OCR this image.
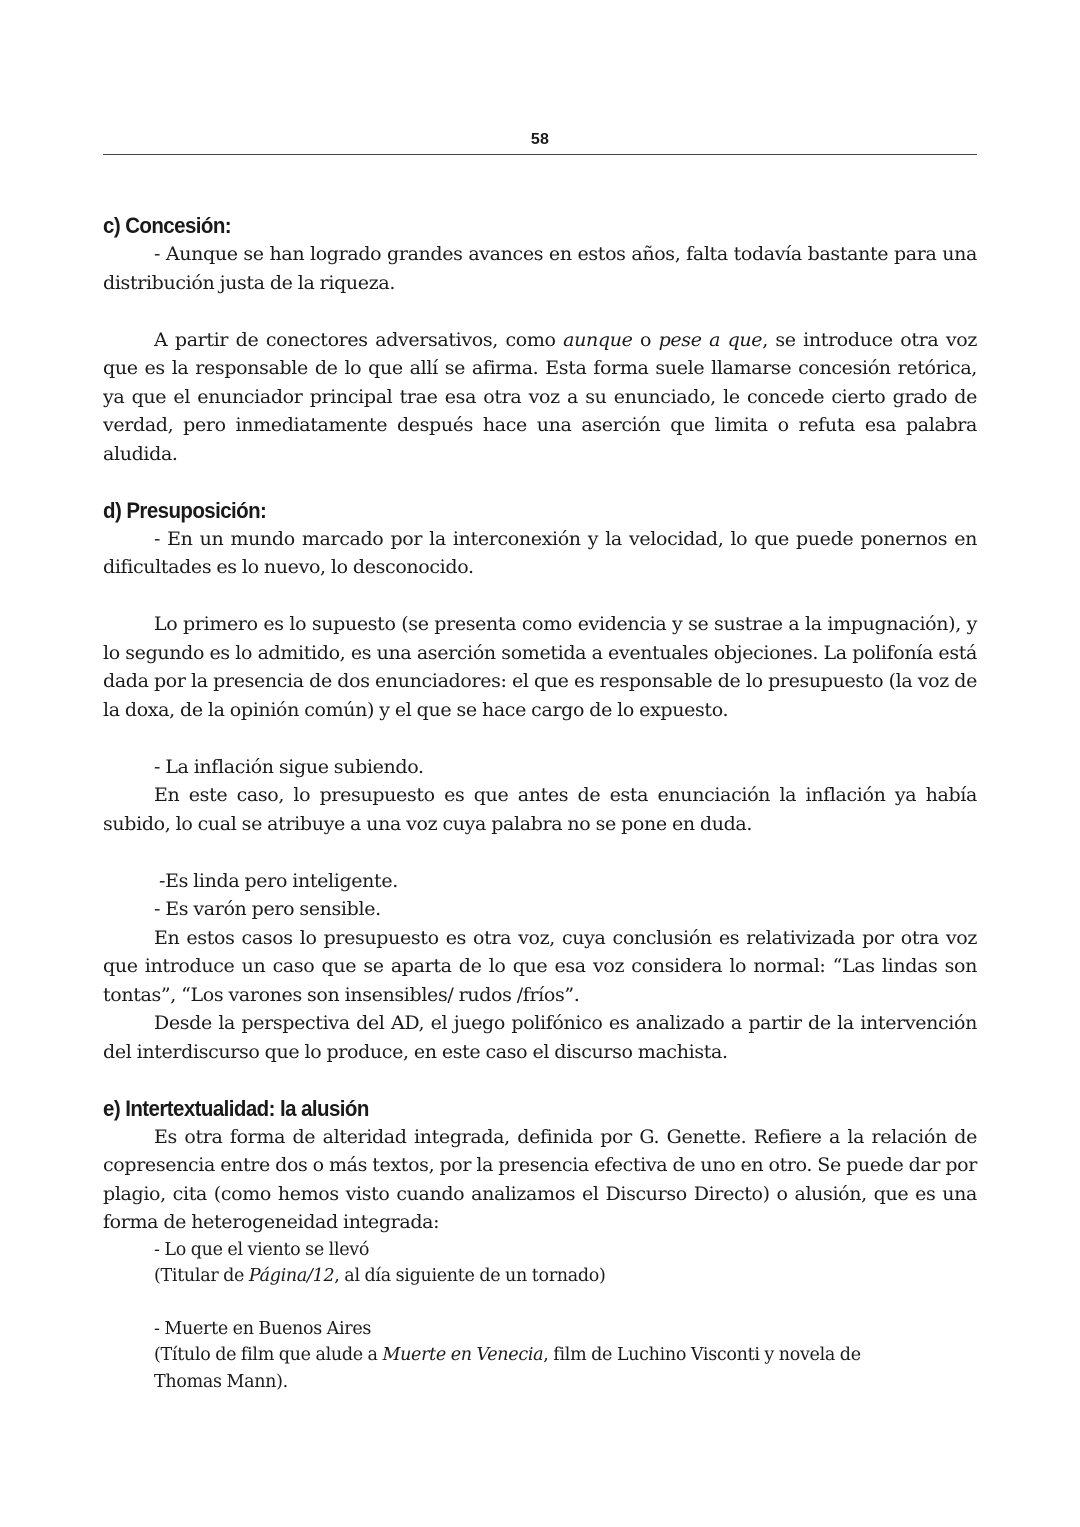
58
c) Concesión:

- Aunque se han logrado grandes avances en estos años, falta todavía bastante para una distribución justa de la riqueza.

A partir de conectores adversativos, como aunque o pese a que, se introduce otra voz que es la responsable de lo que allí se afirma. Esta forma suele llamarse concesión retórica, ya que el enunciador principal trae esa otra voz a su enunciado, le concede cierto grado de verdad, pero inmediatamente después hace una aserción que limita o refuta esa palabra aludida.

d) Presuposición:

- En un mundo marcado por la interconexión y la velocidad, lo que puede ponernos en dificultades es lo nuevo, lo desconocido.

Lo primero es lo supuesto (se presenta como evidencia y se sustrae a la impugnación), y lo segundo es lo admitido, es una aserción sometida a eventuales objeciones. La polifonía está dada por la presencia de dos enunciadores: el que es responsable de lo presupuesto (la voz de la doxa, de la opinión común) y el que se hace cargo de lo expuesto.

- La inflación sigue subiendo.

En este caso, lo presupuesto es que antes de esta enunciación la inflación ya había subido, lo cual se atribuye a una voz cuya palabra no se pone en duda.

-Es linda pero inteligente.

- Es varón pero sensible.

En estos casos lo presupuesto es otra voz, cuya conclusión es relativizada por otra voz que introduce un caso que se aparta de lo que esa voz considera lo normal: “Las lindas son tontas”, “Los varones son insensibles/ rudos /fríos”.

Desde la perspectiva del AD, el juego polifónico es analizado a partir de la intervención del interdiscurso que lo produce, en este caso el discurso machista.

e) Intertextualidad: la alusión

Es otra forma de alteridad integrada, definida por G. Genette. Refiere a la relación de copresencia entre dos o más textos, por la presencia efectiva de uno en otro. Se puede dar por plagio, cita (como hemos visto cuando analizamos el Discurso Directo) o alusión, que es una forma de heterogeneidad integrada:

- Lo que el viento se llevó

(Titular de Página/12, al día siguiente de un tornado)

- Muerte en Buenos Aires

(Título de film que alude a Muerte en Venecia, film de Luchino Visconti y novela de Thomas Mann).
